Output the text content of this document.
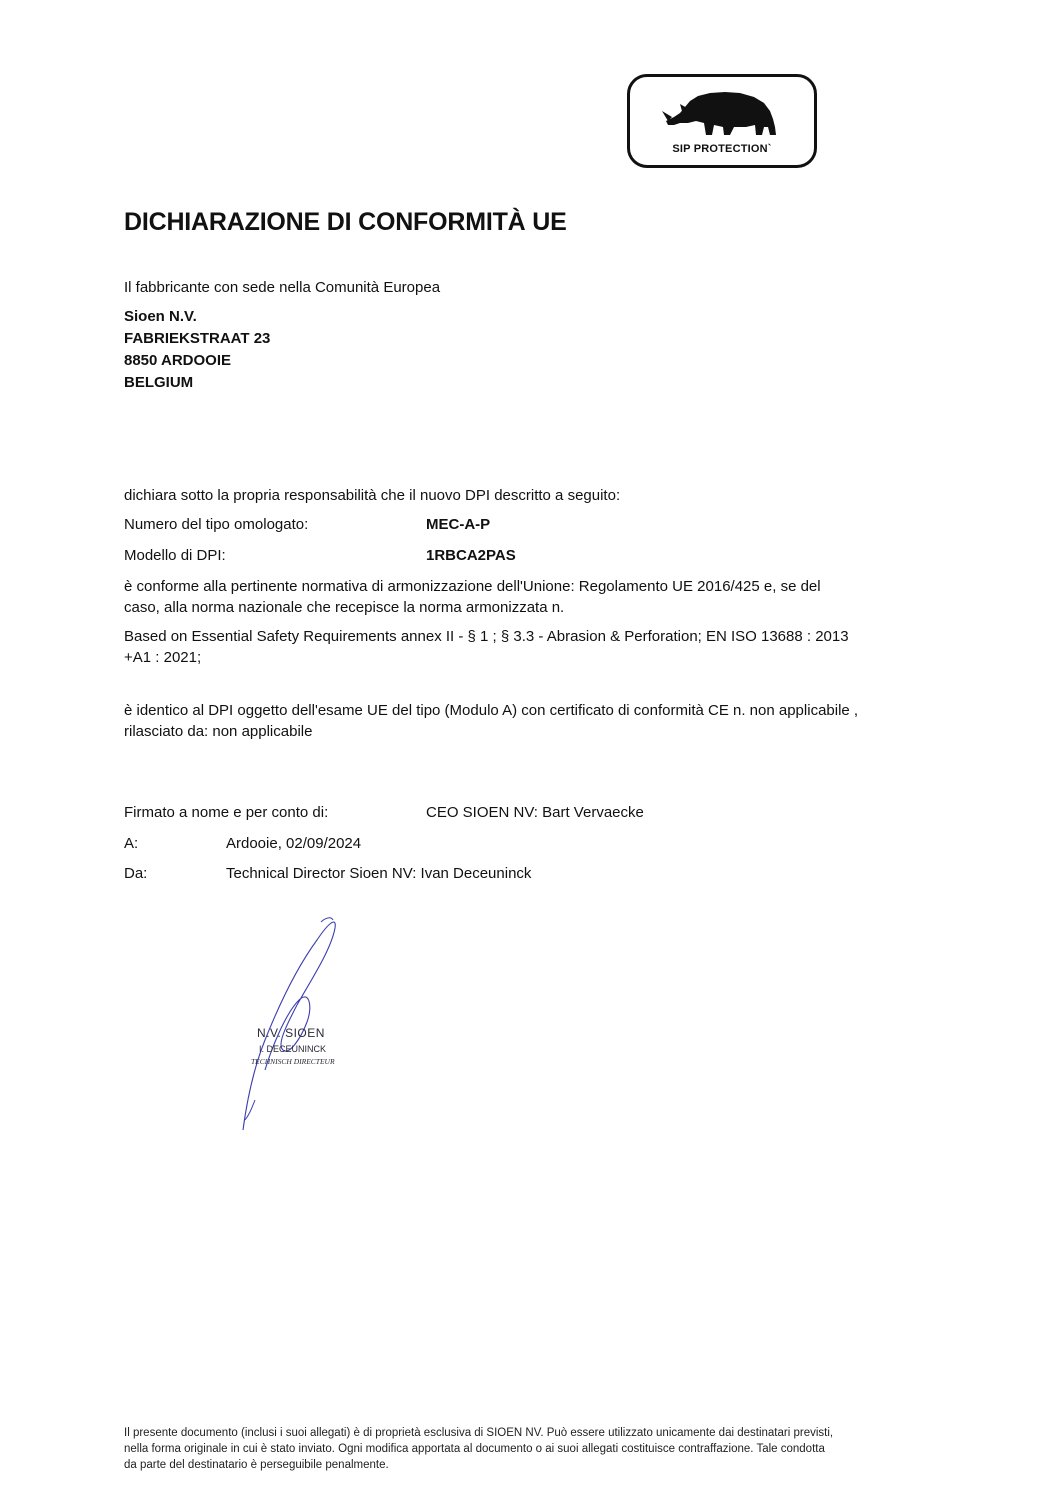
SIP PROTECTION`
DICHIARAZIONE DI CONFORMITÀ UE
Il fabbricante con sede nella Comunità Europea
Sioen N.V.
FABRIEKSTRAAT 23
8850 ARDOOIE
BELGIUM
dichiara sotto la propria responsabilità che il nuovo DPI descritto a seguito:
Numero del tipo omologato:	MEC-A-P
Modello di DPI:	1RBCA2PAS
è conforme alla pertinente normativa di armonizzazione dell'Unione: Regolamento UE 2016/425 e, se del
caso, alla norma nazionale che recepisce la norma armonizzata n.
Based on Essential Safety Requirements annex II - § 1 ; § 3.3 - Abrasion & Perforation; EN ISO 13688 : 2013
+A1 : 2021;
è identico al DPI oggetto dell'esame UE del tipo (Modulo A) con certificato di conformità CE n. non applicabile ,
rilasciato da: non applicabile
Firmato a nome e per conto di:	CEO SIOEN NV: Bart Vervaecke
A:	Ardooie, 02/09/2024
Da:	Technical Director Sioen NV: Ivan Deceuninck
N.V. SIOEN
I. DECEUNINCK
TECHNISCH DIRECTEUR
Il presente documento (inclusi i suoi allegati) è di proprietà esclusiva di SIOEN NV. Può essere utilizzato unicamente dai destinatari previsti,
nella forma originale in cui è stato inviato. Ogni modifica apportata al documento o ai suoi allegati costituisce contraffazione. Tale condotta
da parte del destinatario è perseguibile penalmente.
